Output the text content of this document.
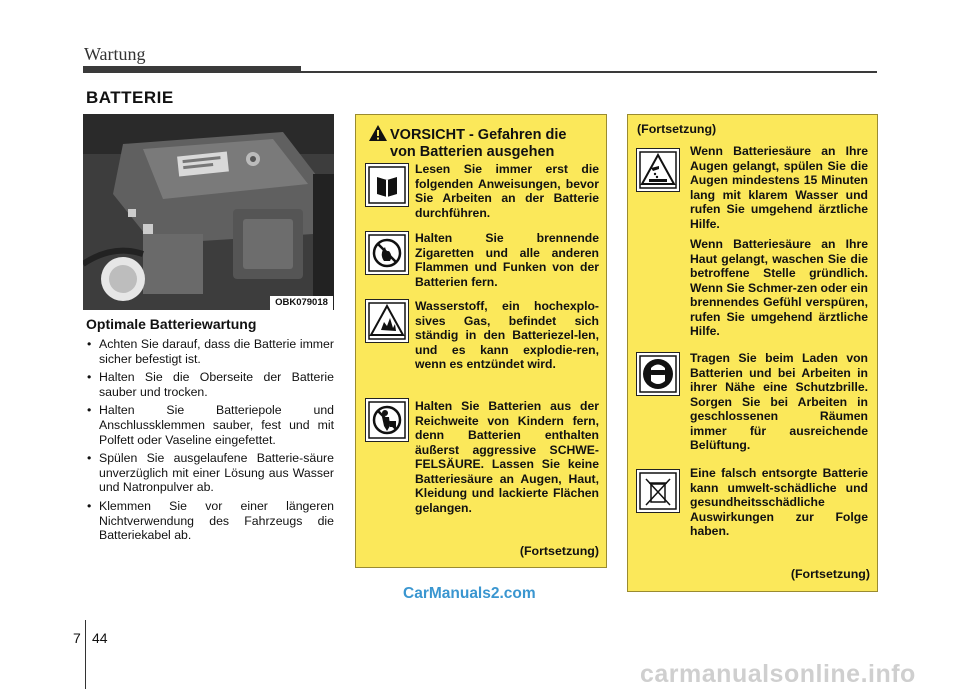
Wartung
BATTERIE
OBK079018
Optimale Batteriewartung
• Achten Sie darauf, dass die Batterie immer sicher befestigt ist.
• Halten Sie die Oberseite der Batterie sauber und trocken.
• Halten Sie Batteriepole und Anschlussklemmen sauber, fest und mit Polfett oder Vaseline eingefettet.
• Spülen Sie ausgelaufene Batterie-säure unverzüglich mit einer Lösung aus Wasser und Natronpulver ab.
• Klemmen Sie vor einer längeren Nichtverwendung des Fahrzeugs die Batteriekabel ab.
VORSICHT - Gefahren die
von Batterien ausgehen
Lesen Sie immer erst die folgenden Anweisungen, bevor Sie Arbeiten an der Batterie durchführen.
Halten Sie brennende Zigaretten und alle anderen Flammen und Funken von der Batterien fern.
Wasserstoff, ein hochexplo-sives Gas, befindet sich ständig in den Batteriezel-len, und es kann explodie-ren, wenn es entzündet wird.
Halten Sie Batterien aus der Reichweite von Kindern fern, denn Batterien enthalten äußerst aggressive SCHWE-FELSÄURE. Lassen Sie keine Batteriesäure an Augen, Haut, Kleidung und lackierte Flächen gelangen.
(Fortsetzung)
(Fortsetzung)
Wenn Batteriesäure an Ihre Augen gelangt, spülen Sie die Augen mindestens 15 Minuten lang mit klarem Wasser und rufen Sie umgehend ärztliche Hilfe.
Wenn Batteriesäure an Ihre Haut gelangt, waschen Sie die betroffene Stelle gründlich. Wenn Sie Schmer-zen oder ein brennendes Gefühl verspüren, rufen Sie umgehend ärztliche Hilfe.
Tragen Sie beim Laden von Batterien und bei Arbeiten in ihrer Nähe eine Schutzbrille. Sorgen Sie bei Arbeiten in geschlossenen Räumen immer für ausreichende Belüftung.
Eine falsch entsorgte Batterie kann umwelt-schädliche und gesundheitsschädliche Auswirkungen zur Folge haben.
(Fortsetzung)
CarManuals2.com
carmanualsonline.info
7 44
